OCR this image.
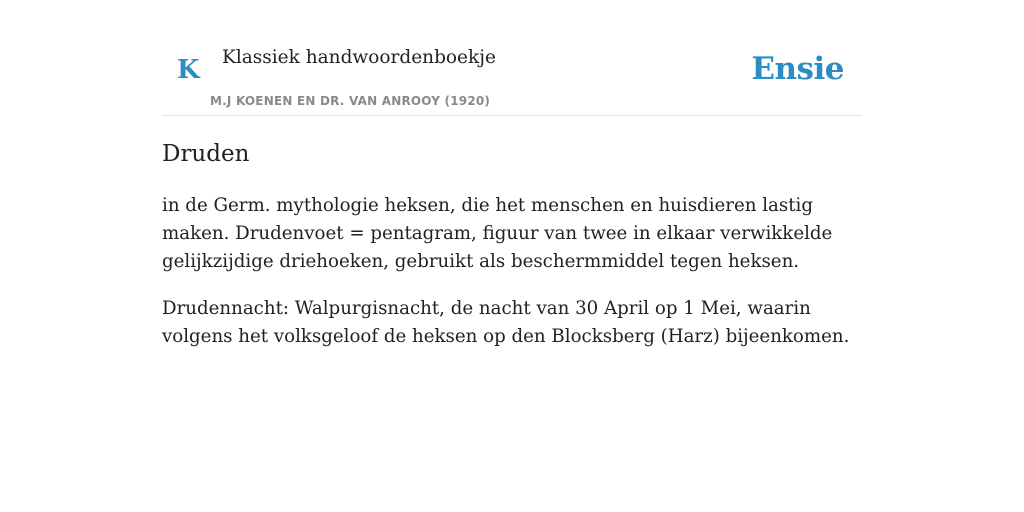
K Klassiek handwoordenboekje
M.J KOENEN EN DR. VAN ANROOY (1920)
Ensie
Druden

in de Germ. mythologie heksen, die het menschen en huisdieren lastig maken. Drudenvoet = pentagram, figuur van twee in elkaar verwikkelde gelijkzijdige driehoeken, gebruikt als beschermmiddel tegen heksen.

Drudennacht: Walpurgisnacht, de nacht van 30 April op 1 Mei, waarin volgens het volksgeloof de heksen op den Blocksberg (Harz) bijeenkomen.
